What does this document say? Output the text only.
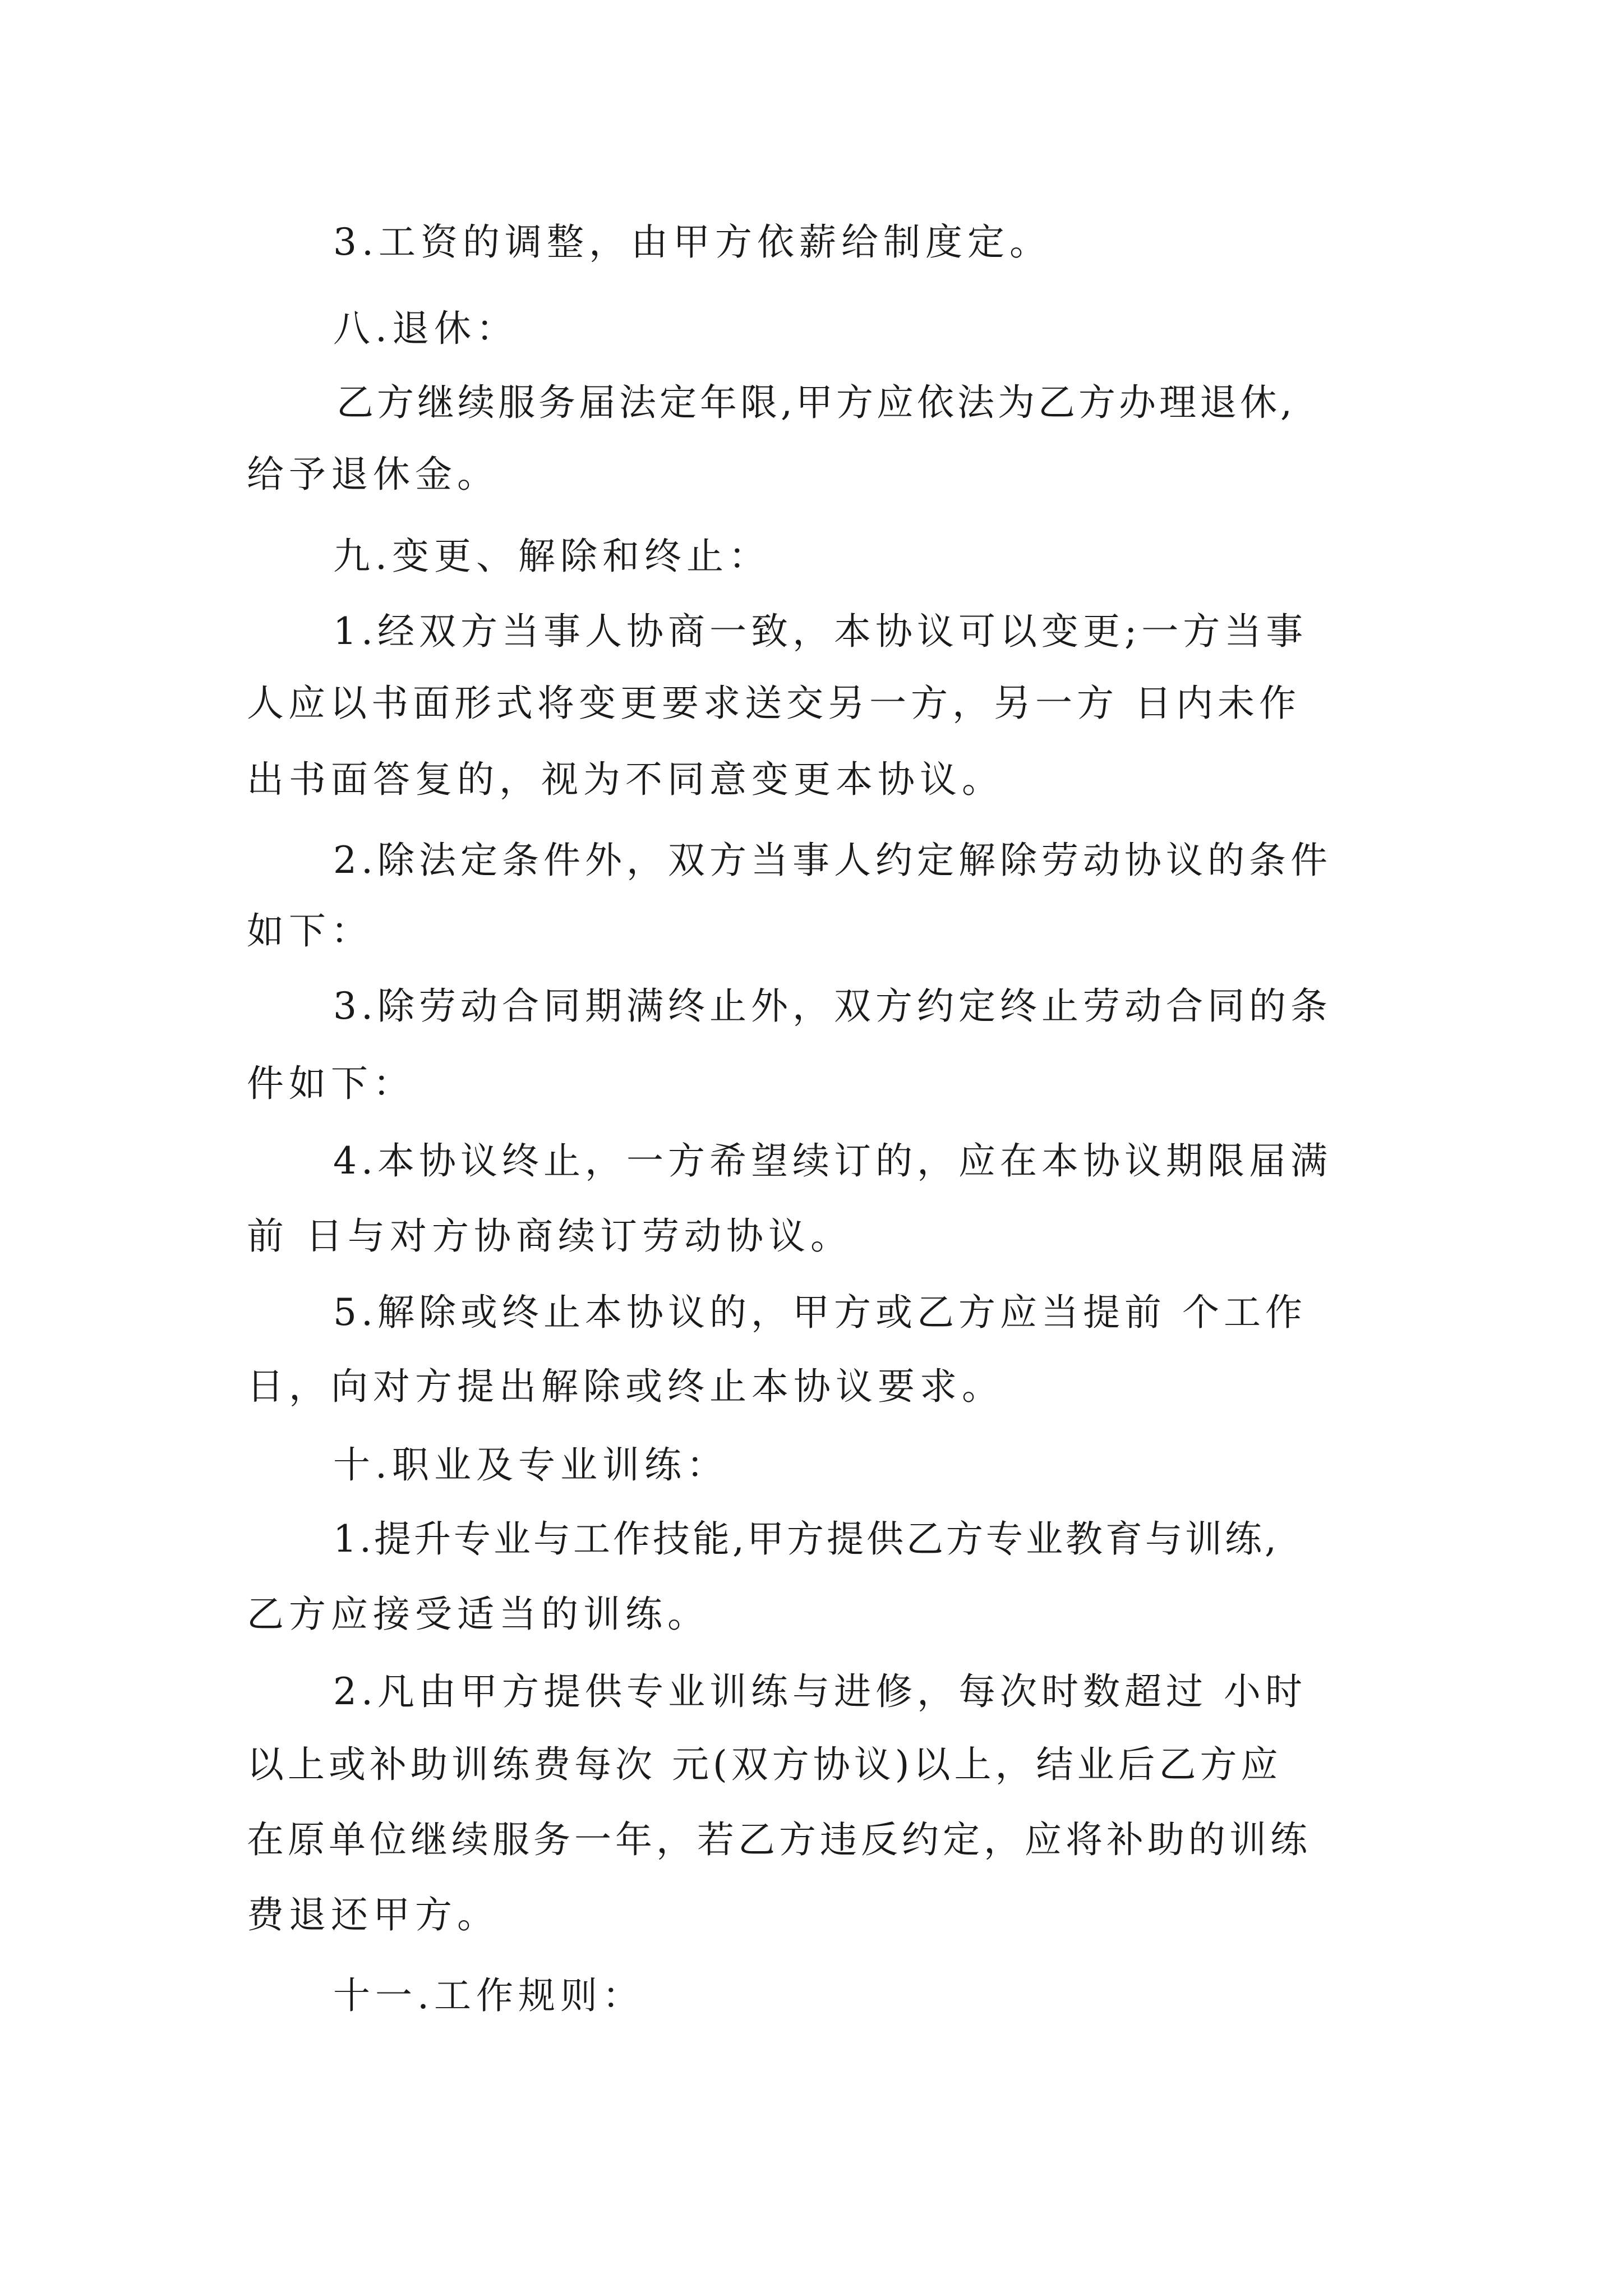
3.工资的调整，由甲方依薪给制度定。
八.退休：
乙方继续服务届法定年限,甲方应依法为乙方办理退休,
给予退休金。
九.变更、解除和终止：
1.经双方当事人协商一致，本协议可以变更;一方当事
人应以书面形式将变更要求送交另一方，另一方 日内未作
出书面答复的，视为不同意变更本协议。
2.除法定条件外，双方当事人约定解除劳动协议的条件
如下：
3.除劳动合同期满终止外，双方约定终止劳动合同的条
件如下：
4.本协议终止，一方希望续订的，应在本协议期限届满
前 日与对方协商续订劳动协议。
5.解除或终止本协议的，甲方或乙方应当提前 个工作
日，向对方提出解除或终止本协议要求。
十.职业及专业训练：
1.提升专业与工作技能,甲方提供乙方专业教育与训练,
乙方应接受适当的训练。
2.凡由甲方提供专业训练与进修，每次时数超过 小时
以上或补助训练费每次 元(双方协议)以上，结业后乙方应
在原单位继续服务一年，若乙方违反约定，应将补助的训练
费退还甲方。
十一.工作规则：
